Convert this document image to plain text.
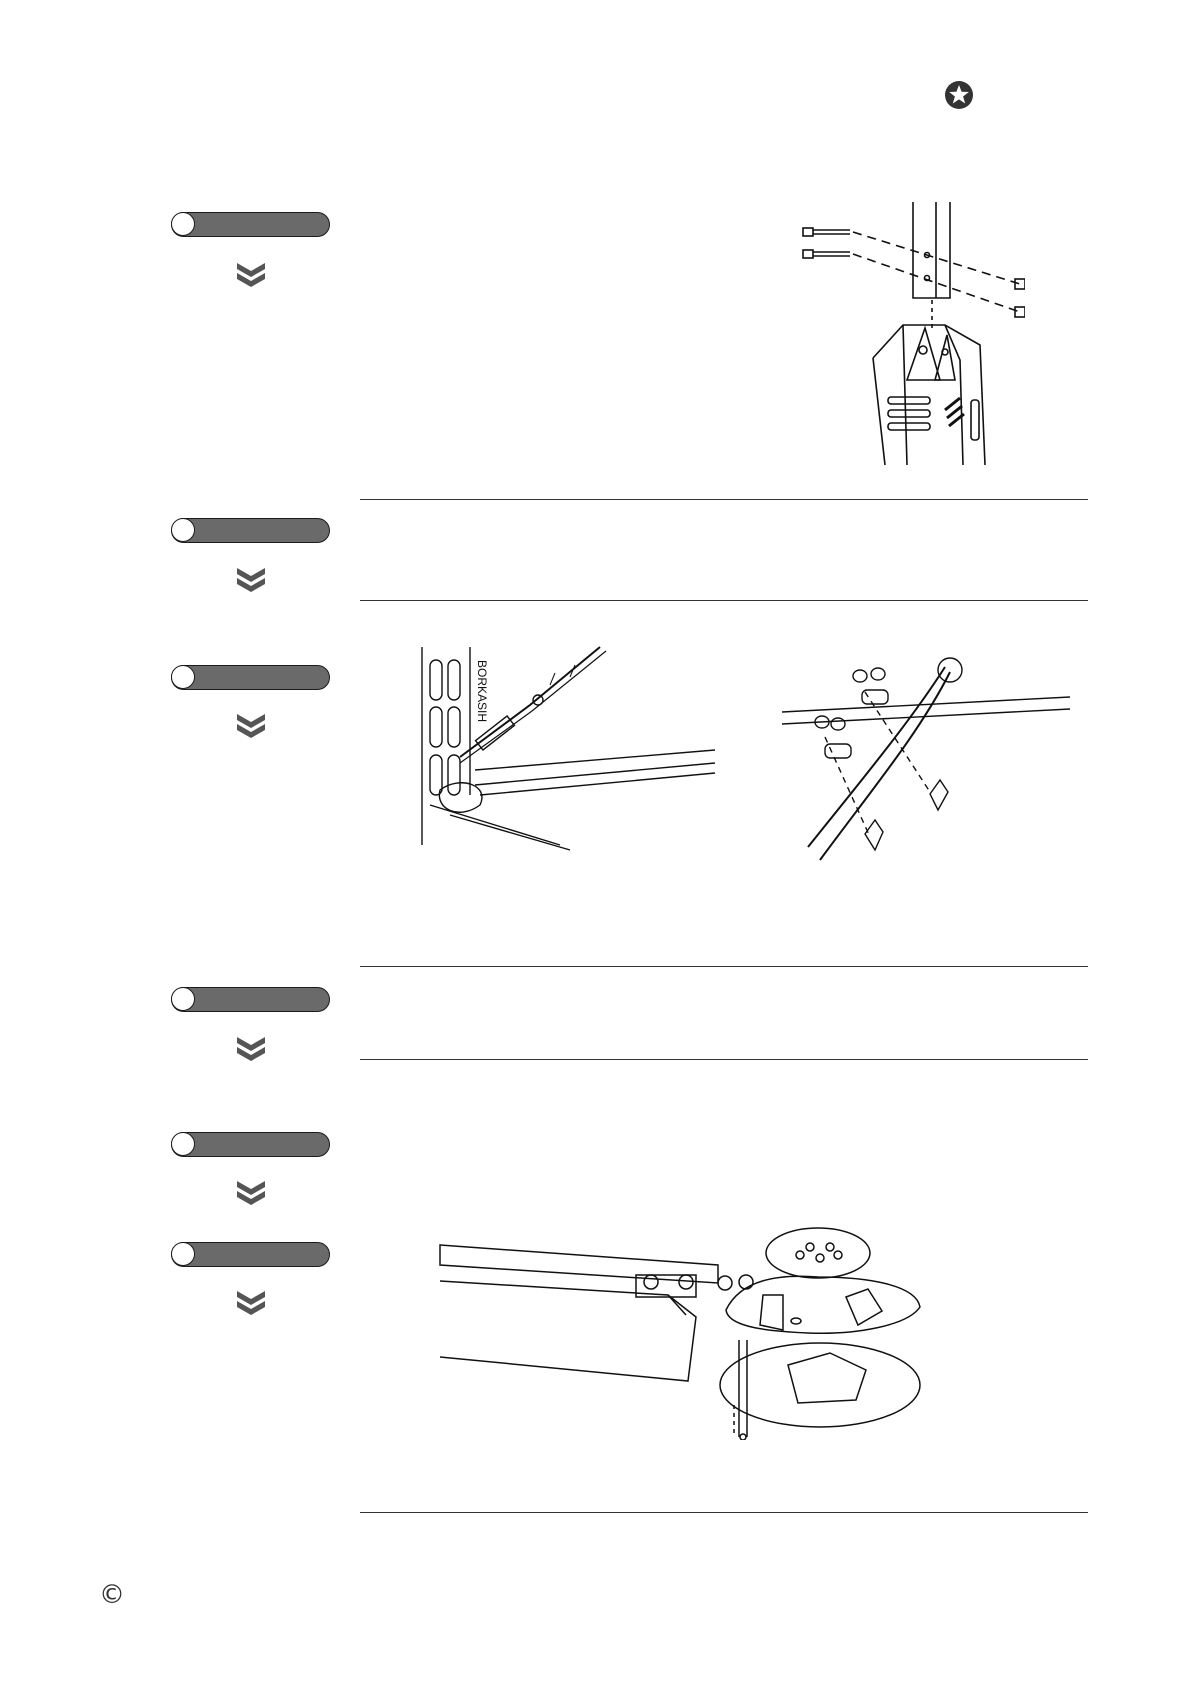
BORKASIH
©
